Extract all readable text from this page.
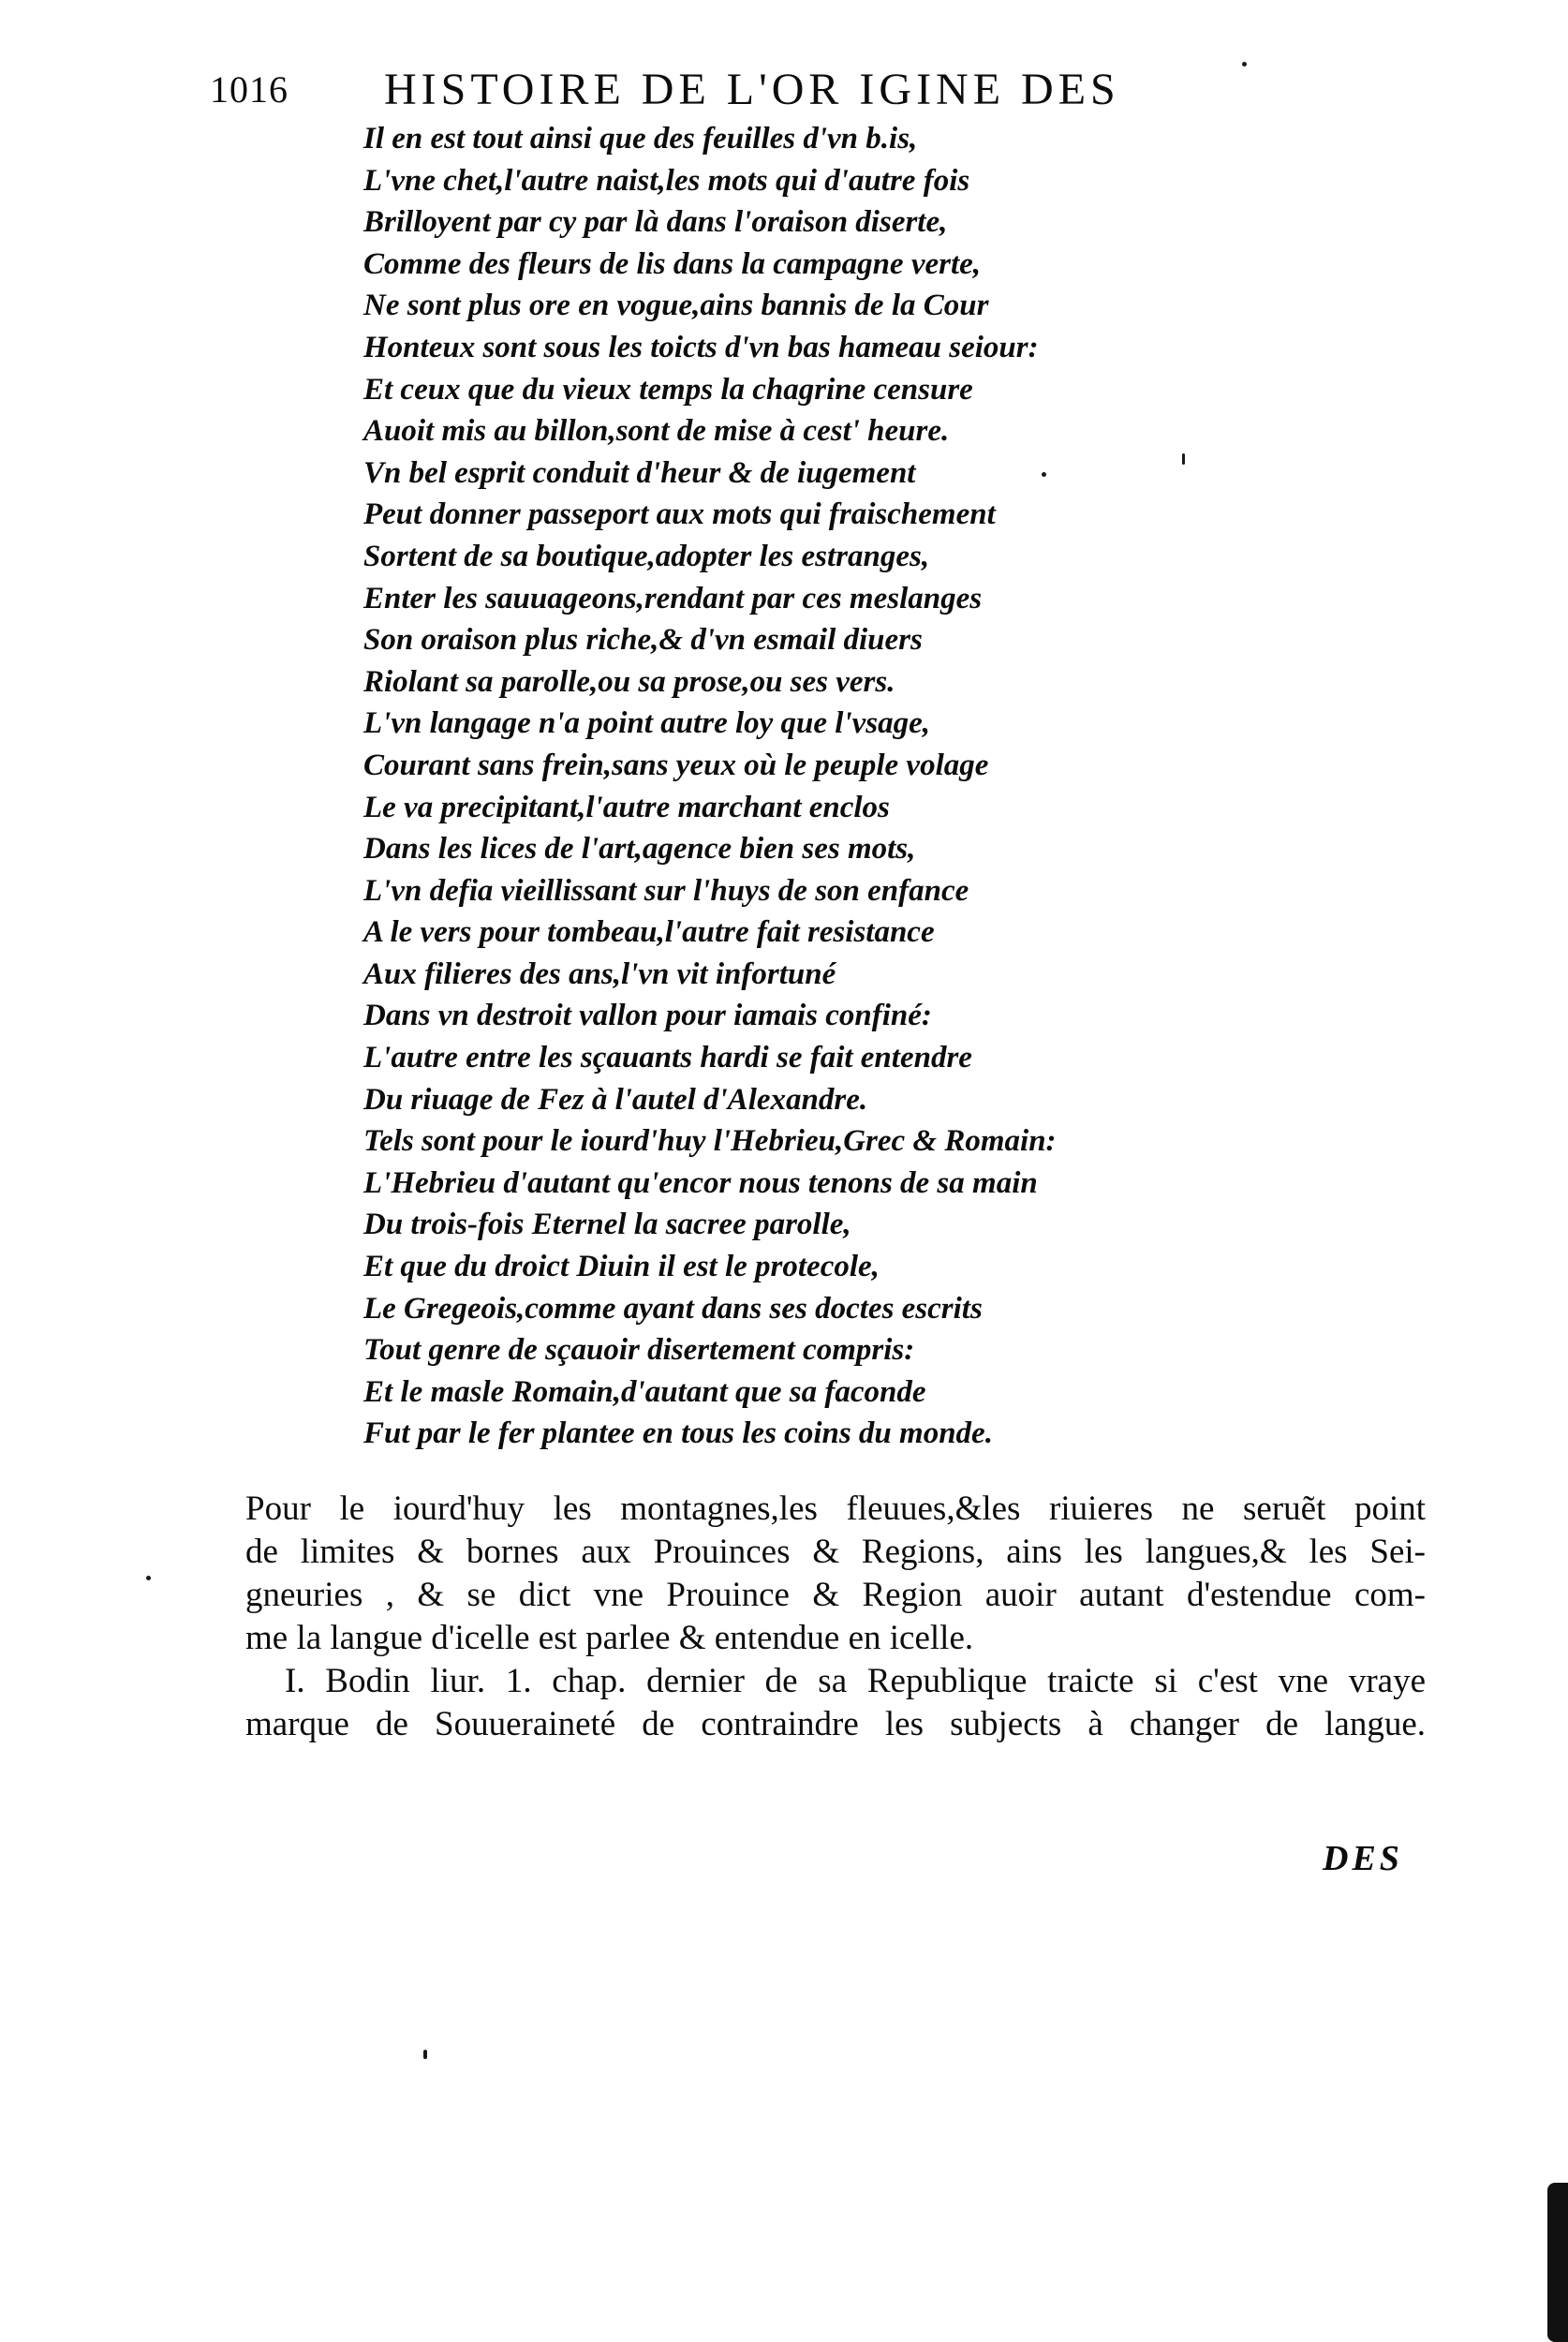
1016 HISTOIRE DE L'OR IGINE DES
Il en est tout ainsi que des feuilles d'vn b.is,
L'vne chet,l'autre naist,les mots qui d'autre fois
Brilloyent par cy par là dans l'oraison diserte,
Comme des fleurs de lis dans la campagne verte,
Ne sont plus ore en vogue,ains bannis de la Cour
Honteux sont sous les toicts d'vn bas hameau seiour:
Et ceux que du vieux temps la chagrine censure
Auoit mis au billon,sont de mise à cest' heure.
Vn bel esprit conduit d'heur & de iugement
Peut donner passeport aux mots qui fraischement
Sortent de sa boutique,adopter les estranges,
Enter les sauuageons,rendant par ces meslanges
Son oraison plus riche,& d'vn esmail diuers
Riolant sa parolle,ou sa prose,ou ses vers.
L'vn langage n'a point autre loy que l'vsage,
Courant sans frein,sans yeux où le peuple volage
Le va precipitant,l'autre marchant enclos
Dans les lices de l'art,agence bien ses mots,
L'vn defia vieillissant sur l'huys de son enfance
A le vers pour tombeau,l'autre fait resistance
Aux filieres des ans,l'vn vit infortuné
Dans vn destroit vallon pour iamais confiné:
L'autre entre les sçauants hardi se fait entendre
Du riuage de Fez à l'autel d'Alexandre.
Tels sont pour le iourd'huy l'Hebrieu,Grec & Romain:
L'Hebrieu d'autant qu'encor nous tenons de sa main
Du trois-fois Eternel la sacree parolle,
Et que du droict Diuin il est le protecole,
Le Gregeois,comme ayant dans ses doctes escrits
Tout genre de sçauoir disertement compris:
Et le masle Romain,d'autant que sa faconde
Fut par le fer plantee en tous les coins du monde.

Pour le iourd'huy les montagnes,les fleuues,&les riuieres ne seruẽt point
de limites & bornes aux Prouinces & Regions, ains les langues,& les Sei-
gneuries , & se dict vne Prouince & Region auoir autant d'estendue com-
me la langue d'icelle est parlee & entendue en icelle.

I. Bodin liur. 1. chap. dernier de sa Republique traicte si c'est vne vraye
marque de Souueraineté de contraindre les subjects à changer de langue.

DES
